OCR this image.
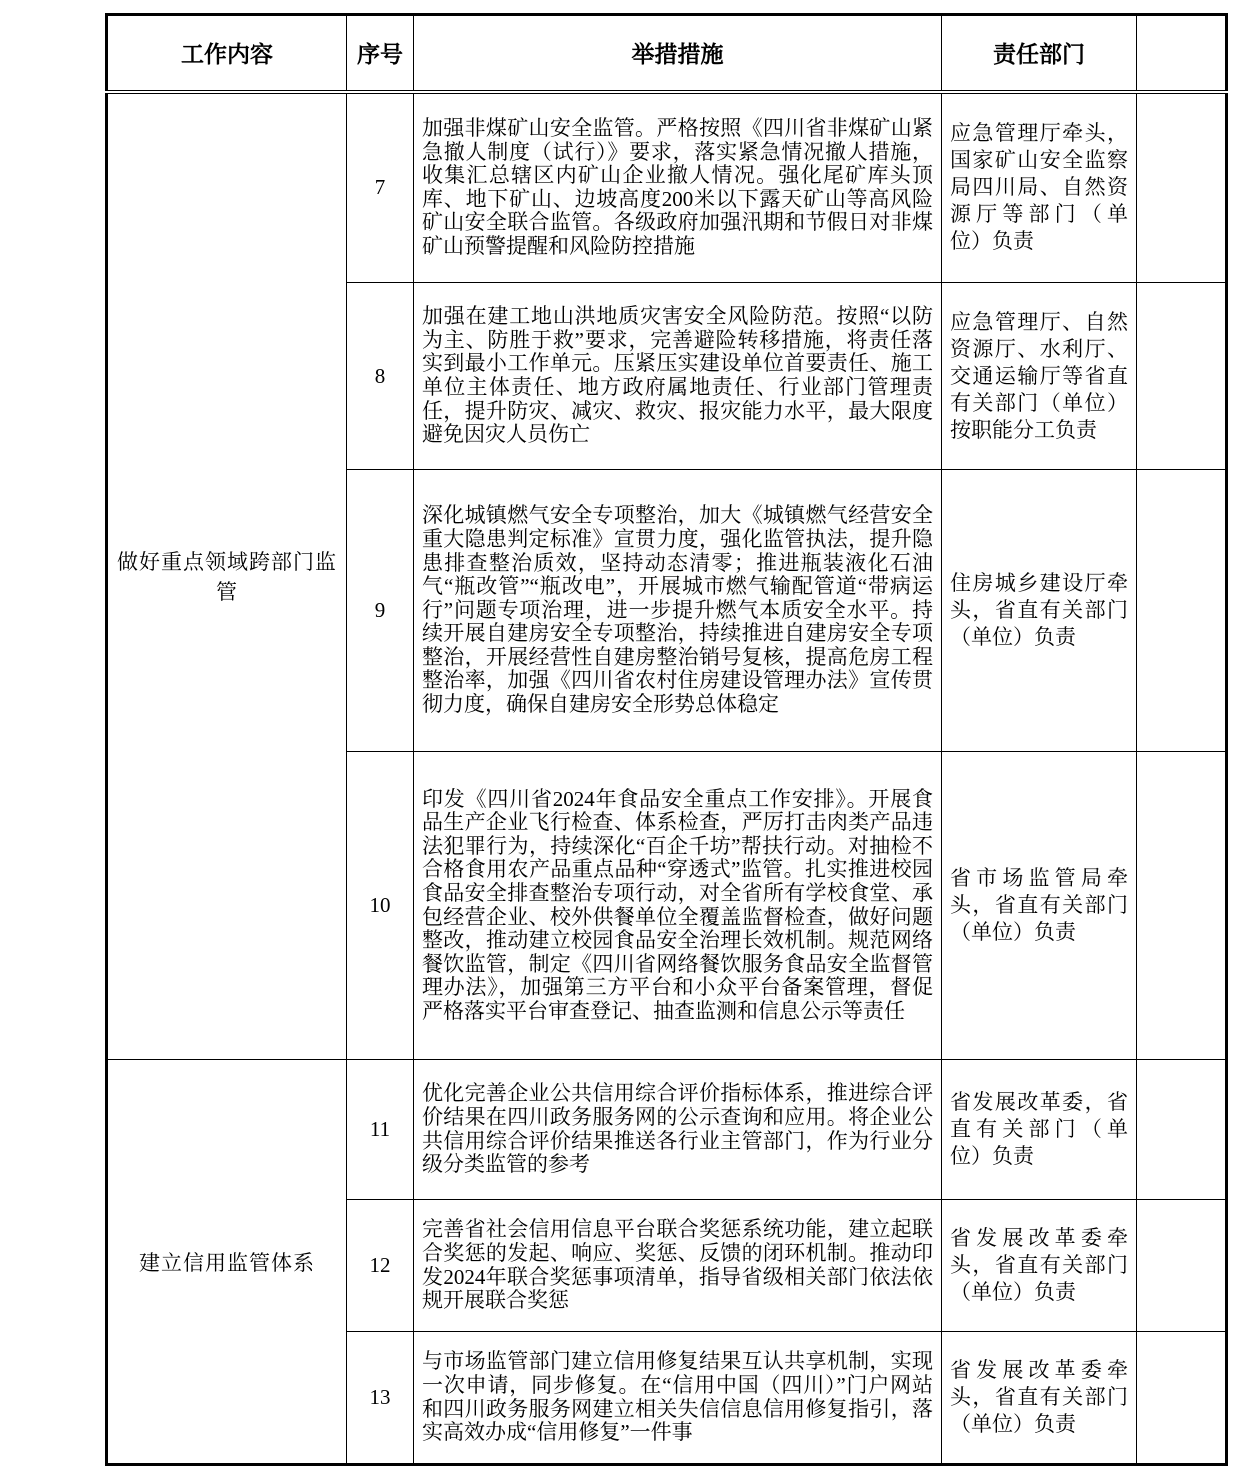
工作内容	序号	举措措施	责任部门	
做好重点领域跨部门监管	7	加强非煤矿山安全监管。严格按照《四川省非煤矿山紧急撤人制度（试行）》要求，落实紧急情况撤人措施，收集汇总辖区内矿山企业撤人情况。强化尾矿库头顶库、地下矿山、边坡高度200米以下露天矿山等高风险矿山安全联合监管。各级政府加强汛期和节假日对非煤矿山预警提醒和风险防控措施	应急管理厅牵头，国家矿山安全监察局四川局、自然资源厅等部门（单位）负责	
	8	加强在建工地山洪地质灾害安全风险防范。按照“以防为主、防胜于救”要求，完善避险转移措施，将责任落实到最小工作单元。压紧压实建设单位首要责任、施工单位主体责任、地方政府属地责任、行业部门管理责任，提升防灾、减灾、救灾、报灾能力水平，最大限度避免因灾人员伤亡	应急管理厅、自然资源厅、水利厅、交通运输厅等省直有关部门（单位）按职能分工负责	
	9	深化城镇燃气安全专项整治，加大《城镇燃气经营安全重大隐患判定标准》宣贯力度，强化监管执法，提升隐患排查整治质效，坚持动态清零；推进瓶装液化石油气“瓶改管”“瓶改电”，开展城市燃气输配管道“带病运行”问题专项治理，进一步提升燃气本质安全水平。持续开展自建房安全专项整治，持续推进自建房安全专项整治，开展经营性自建房整治销号复核，提高危房工程整治率，加强《四川省农村住房建设管理办法》宣传贯彻力度，确保自建房安全形势总体稳定	住房城乡建设厅牵头，省直有关部门（单位）负责	
	10	印发《四川省2024年食品安全重点工作安排》。开展食品生产企业飞行检查、体系检查，严厉打击肉类产品违法犯罪行为，持续深化“百企千坊”帮扶行动。对抽检不合格食用农产品重点品种“穿透式”监管。扎实推进校园食品安全排查整治专项行动，对全省所有学校食堂、承包经营企业、校外供餐单位全覆盖监督检查，做好问题整改，推动建立校园食品安全治理长效机制。规范网络餐饮监管，制定《四川省网络餐饮服务食品安全监督管理办法》，加强第三方平台和小众平台备案管理，督促严格落实平台审查登记、抽查监测和信息公示等责任	省市场监管局牵头，省直有关部门（单位）负责	
建立信用监管体系	11	优化完善企业公共信用综合评价指标体系，推进综合评价结果在四川政务服务网的公示查询和应用。将企业公共信用综合评价结果推送各行业主管部门，作为行业分级分类监管的参考	省发展改革委，省直有关部门（单位）负责	
	12	完善省社会信用信息平台联合奖惩系统功能，建立起联合奖惩的发起、响应、奖惩、反馈的闭环机制。推动印发2024年联合奖惩事项清单，指导省级相关部门依法依规开展联合奖惩	省发展改革委牵头，省直有关部门（单位）负责	
	13	与市场监管部门建立信用修复结果互认共享机制，实现一次申请，同步修复。在“信用中国（四川）”门户网站和四川政务服务网建立相关失信信息信用修复指引，落实高效办成“信用修复”一件事	省发展改革委牵头，省直有关部门（单位）负责	
